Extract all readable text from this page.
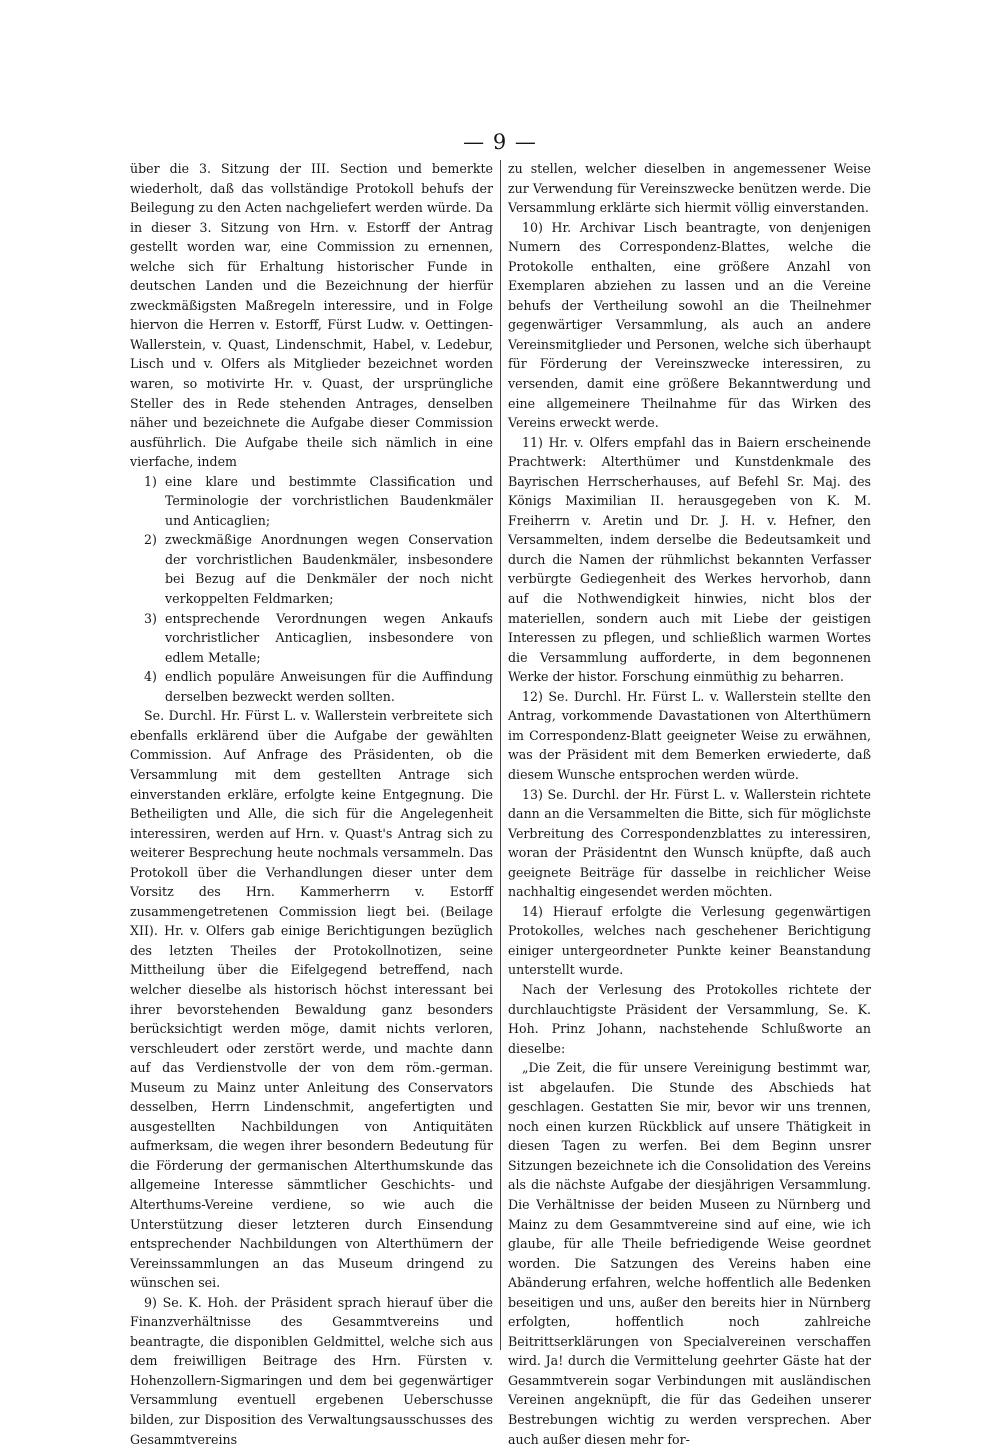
— 9 —

über die 3. Sitzung der III. Section und bemerkte wiederholt, daß das vollständige Protokoll behufs der Beilegung zu den Acten nachgeliefert werden würde. Da in dieser 3. Sitzung von Hrn. v. Estorff der Antrag gestellt worden war, eine Commission zu ernennen, welche sich für Erhaltung historischer Funde in deutschen Landen und die Bezeichnung der hierfür zweckmäßigsten Maßregeln interessire, und in Folge hiervon die Herren v. Estorff, Fürst Ludw. v. Oettingen-Wallerstein, v. Quast, Lindenschmit, Habel, v. Ledebur, Lisch und v. Olfers als Mitglieder bezeichnet worden waren, so motivirte Hr. v. Quast, der ursprüngliche Steller des in Rede stehenden Antrages, denselben näher und bezeichnete die Aufgabe dieser Commission ausführlich. Die Aufgabe theile sich nämlich in eine vierfache, indem

1) eine klare und bestimmte Classification und Terminologie der vorchristlichen Baudenkmäler und Anticaglien;
2) zweckmäßige Anordnungen wegen Conservation der vorchristlichen Baudenkmäler, insbesondere bei Bezug auf die Denkmäler der noch nicht verkoppelten Feldmarken;
3) entsprechende Verordnungen wegen Ankaufs vorchristlicher Anticaglien, insbesondere von edlem Metalle;
4) endlich populäre Anweisungen für die Auffindung derselben bezweckt werden sollten.

Se. Durchl. Hr. Fürst L. v. Wallerstein verbreitete sich ebenfalls erklärend über die Aufgabe der gewählten Commission. Auf Anfrage des Präsidenten, ob die Versammlung mit dem gestellten Antrage sich einverstanden erkläre, erfolgte keine Entgegnung. Die Betheiligten und Alle, die sich für die Angelegenheit interessiren, werden auf Hrn. v. Quast's Antrag sich zu weiterer Besprechung heute nochmals versammeln. Das Protokoll über die Verhandlungen dieser unter dem Vorsitz des Hrn. Kammerherrn v. Estorff zusammengetretenen Commission liegt bei. (Beilage XII). Hr. v. Olfers gab einige Berichtigungen bezüglich des letzten Theiles der Protokollnotizen, seine Mittheilung über die Eifelgegend betreffend, nach welcher dieselbe als historisch höchst interessant bei ihrer bevorstehenden Bewaldung ganz besonders berücksichtigt werden möge, damit nichts verloren, verschleudert oder zerstört werde, und machte dann auf das Verdienstvolle der von dem röm.-german. Museum zu Mainz unter Anleitung des Conservators desselben, Herrn Lindenschmit, angefertigten und ausgestellten Nachbildungen von Antiquitäten aufmerksam, die wegen ihrer besondern Bedeutung für die Förderung der germanischen Alterthumskunde das allgemeine Interesse sämmtlicher Geschichts- und Alterthums-Vereine verdiene, so wie auch die Unterstützung dieser letzteren durch Einsendung entsprechender Nachbildungen von Alterthümern der Vereinssammlungen an das Museum dringend zu wünschen sei.

9) Se. K. Hoh. der Präsident sprach hierauf über die Finanzverhältnisse des Gesammtvereins und beantragte, die disponiblen Geldmittel, welche sich aus dem freiwilligen Beitrage des Hrn. Fürsten v. Hohenzollern-Sigmaringen und dem bei gegenwärtiger Versammlung eventuell ergebenen Ueberschusse bilden, zur Disposition des Verwaltungsausschusses des Gesammtvereins

zu stellen, welcher dieselben in angemessener Weise zur Verwendung für Vereinszwecke benützen werde. Die Versammlung erklärte sich hiermit völlig einverstanden.

10) Hr. Archivar Lisch beantragte, von denjenigen Numern des Correspondenz-Blattes, welche die Protokolle enthalten, eine größere Anzahl von Exemplaren abziehen zu lassen und an die Vereine behufs der Vertheilung sowohl an die Theilnehmer gegenwärtiger Versammlung, als auch an andere Vereinsmitglieder und Personen, welche sich überhaupt für Förderung der Vereinszwecke interessiren, zu versenden, damit eine größere Bekanntwerdung und eine allgemeinere Theilnahme für das Wirken des Vereins erweckt werde.

11) Hr. v. Olfers empfahl das in Baiern erscheinende Prachtwerk: Alterthümer und Kunstdenkmale des Bayrischen Herrscherhauses, auf Befehl Sr. Maj. des Königs Maximilian II. herausgegeben von K. M. Freiherrn v. Aretin und Dr. J. H. v. Hefner, den Versammelten, indem derselbe die Bedeutsamkeit und durch die Namen der rühmlichst bekannten Verfasser verbürgte Gediegenheit des Werkes hervorhob, dann auf die Nothwendigkeit hinwies, nicht blos der materiellen, sondern auch mit Liebe der geistigen Interessen zu pflegen, und schließlich warmen Wortes die Versammlung aufforderte, in dem begonnenen Werke der histor. Forschung einmüthig zu beharren.

12) Se. Durchl. Hr. Fürst L. v. Wallerstein stellte den Antrag, vorkommende Davastationen von Alterthümern im Correspondenz-Blatt geeigneter Weise zu erwähnen, was der Präsident mit dem Bemerken erwiederte, daß diesem Wunsche entsprochen werden würde.

13) Se. Durchl. der Hr. Fürst L. v. Wallerstein richtete dann an die Versammelten die Bitte, sich für möglichste Verbreitung des Correspondenzblattes zu interessiren, woran der Präsidentnt den Wunsch knüpfte, daß auch geeignete Beiträge für dasselbe in reichlicher Weise nachhaltig eingesendet werden möchten.

14) Hierauf erfolgte die Verlesung gegenwärtigen Protokolles, welches nach geschehener Berichtigung einiger untergeordneter Punkte keiner Beanstandung unterstellt wurde.

Nach der Verlesung des Protokolles richtete der durchlauchtigste Präsident der Versammlung, Se. K. Hoh. Prinz Johann, nachstehende Schlußworte an dieselbe:

„Die Zeit, die für unsere Vereinigung bestimmt war, ist abgelaufen. Die Stunde des Abschieds hat geschlagen. Gestatten Sie mir, bevor wir uns trennen, noch einen kurzen Rückblick auf unsere Thätigkeit in diesen Tagen zu werfen. Bei dem Beginn unsrer Sitzungen bezeichnete ich die Consolidation des Vereins als die nächste Aufgabe der diesjährigen Versammlung. Die Verhältnisse der beiden Museen zu Nürnberg und Mainz zu dem Gesammtvereine sind auf eine, wie ich glaube, für alle Theile befriedigende Weise geordnet worden. Die Satzungen des Vereins haben eine Abänderung erfahren, welche hoffentlich alle Bedenken beseitigen und uns, außer den bereits hier in Nürnberg erfolgten, hoffentlich noch zahlreiche Beitrittserklärungen von Specialvereinen verschaffen wird. Ja! durch die Vermittelung geehrter Gäste hat der Gesammtverein sogar Verbindungen mit ausländischen Vereinen angeknüpft, die für das Gedeihen unserer Bestrebungen wichtig zu werden versprechen. Aber auch außer diesen mehr for-
